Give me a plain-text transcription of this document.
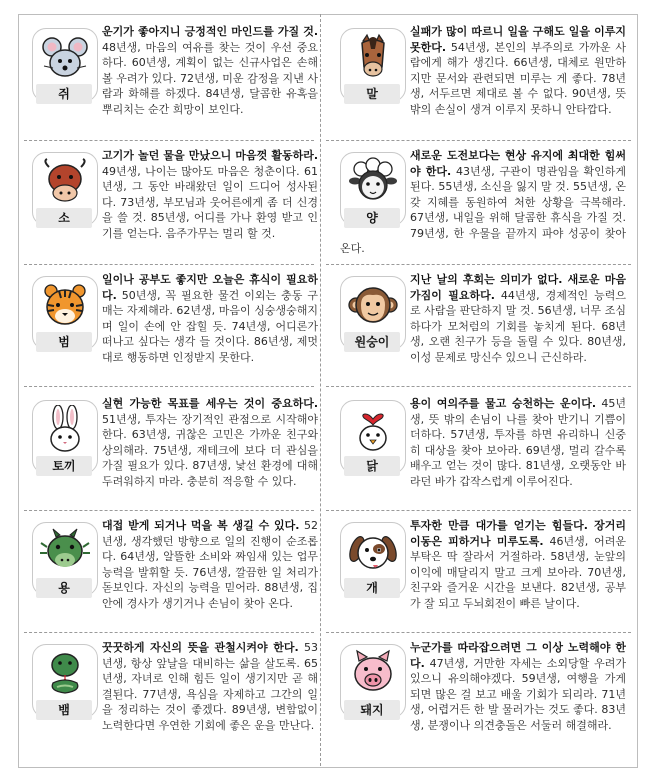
쥐
운기가 좋아지니 긍정적인 마인드를 가질 것. 48년생, 마음의 여유를 찾는 것이 우선 중요하다. 60년생, 계획이 없는 신규사업은 손해 볼 우려가 있다. 72년생, 미운 감정을 지낸 사람과 화해를 하겠다. 84년생, 달콤한 유혹을 뿌리치는 순간 희망이 보인다.
말
실패가 많이 따르니 일을 구해도 일을 이루지 못한다. 54년생, 본인의 부주의로 가까운 사람에게 해가 생긴다. 66년생, 대체로 원만하지만 문서와 관련되면 미루는 게 좋다. 78년생, 서두르면 제대로 볼 수 없다. 90년생, 뜻밖의 손실이 생겨 이루지 못하니 안타깝다.
소
고기가 놀던 물을 만났으니 마음껏 활동하라. 49년생, 나이는 많아도 마음은 청춘이다. 61년생, 그 동안 바래왔던 일이 드디어 성사된다. 73년생, 부모님과 웃어른에게 좀 더 신경을 쓸 것. 85년생, 어디를 가나 환영 받고 인기를 얻는다. 음주가무는 멀리 할 것.
양
새로운 도전보다는 현상 유지에 최대한 힘써야 한다. 43년생, 구관이 명관임을 확인하게 된다. 55년생, 소신을 잃지 말 것. 55년생, 온갖 지혜를 동원하여 처한 상황을 극복해라. 67년생, 내일을 위해 달콤한 휴식을 가질 것. 79년생, 한 우물을 끝까지 파야 성공이 찾아 온다.
범
일이나 공부도 좋지만 오늘은 휴식이 필요하다. 50년생, 꼭 필요한 물건 이외는 충동 구매는 자제해라. 62년생, 마음이 싱숭생숭해지며 일이 손에 안 잡힐 듯. 74년생, 어디론가 떠나고 싶다는 생각 들 것이다. 86년생, 제멋대로 행동하면 인정받지 못한다.
원숭이
지난 날의 후회는 의미가 없다. 새로운 마음가짐이 필요하다. 44년생, 경제적인 능력으로 사람을 판단하지 말 것. 56년생, 너무 조심하다가 모처럼의 기회를 놓치게 된다. 68년생, 오랜 친구가 등을 돌릴 수 있다. 80년생, 이성 문제로 망신수 있으니 근신하라.
토끼
실현 가능한 목표를 세우는 것이 중요하다. 51년생, 투자는 장기적인 관점으로 시작해야 한다. 63년생, 귀찮은 고민은 가까운 친구와 상의해라. 75년생, 재테크에 보다 더 관심을 가질 필요가 있다. 87년생, 낯선 환경에 대해 두려워하지 마라. 충분히 적응할 수 있다.
닭
용이 여의주를 물고 승천하는 운이다. 45년생, 뜻 밖의 손님이 나를 찾아 반기니 기쁨이 더하다. 57년생, 투자를 하면 유리하니 신중히 대상을 찾아 보아라. 69년생, 멀리 갈수록 배우고 얻는 것이 많다. 81년생, 오랫동안 바라던 바가 갑작스럽게 이루어진다.
용
대접 받게 되거나 먹을 복 생길 수 있다. 52년생, 생각했던 방향으로 일의 진행이 순조롭다. 64년생, 알뜰한 소비와 짜임새 있는 업무능력을 발휘할 듯. 76년생, 깔끔한 일 처리가 돋보인다. 자신의 능력을 믿어라. 88년생, 집안에 경사가 생기거나 손님이 찾아 온다.
개
투자한 만큼 대가를 얻기는 힘들다. 장거리 이동은 피하거나 미루도록. 46년생, 어려운 부탁은 딱 잘라서 거절하라. 58년생, 눈앞의 이익에 매달리지 말고 크게 보아라. 70년생, 친구와 즐거운 시간을 보낸다. 82년생, 공부가 잘 되고 두뇌회전이 빠른 날이다.
뱀
꿋꿋하게 자신의 뜻을 관철시켜야 한다. 53년생, 항상 앞날을 대비하는 삶을 살도록. 65년생, 자녀로 인해 힘든 일이 생기지만 곧 해결된다. 77년생, 욕심을 자제하고 그간의 일을 정리하는 것이 좋겠다. 89년생, 변함없이 노력한다면 우연한 기회에 좋은 운을 만난다.
돼지
누군가를 따라잡으려면 그 이상 노력해야 한다. 47년생, 거만한 자세는 소외당할 우려가 있으니 유의해야겠다. 59년생, 여행을 가게 되면 많은 걸 보고 배울 기회가 되리라. 71년생, 어렵거든 한 발 물러가는 것도 좋다. 83년생, 분쟁이나 의견충돌은 서둘러 해결해라.
